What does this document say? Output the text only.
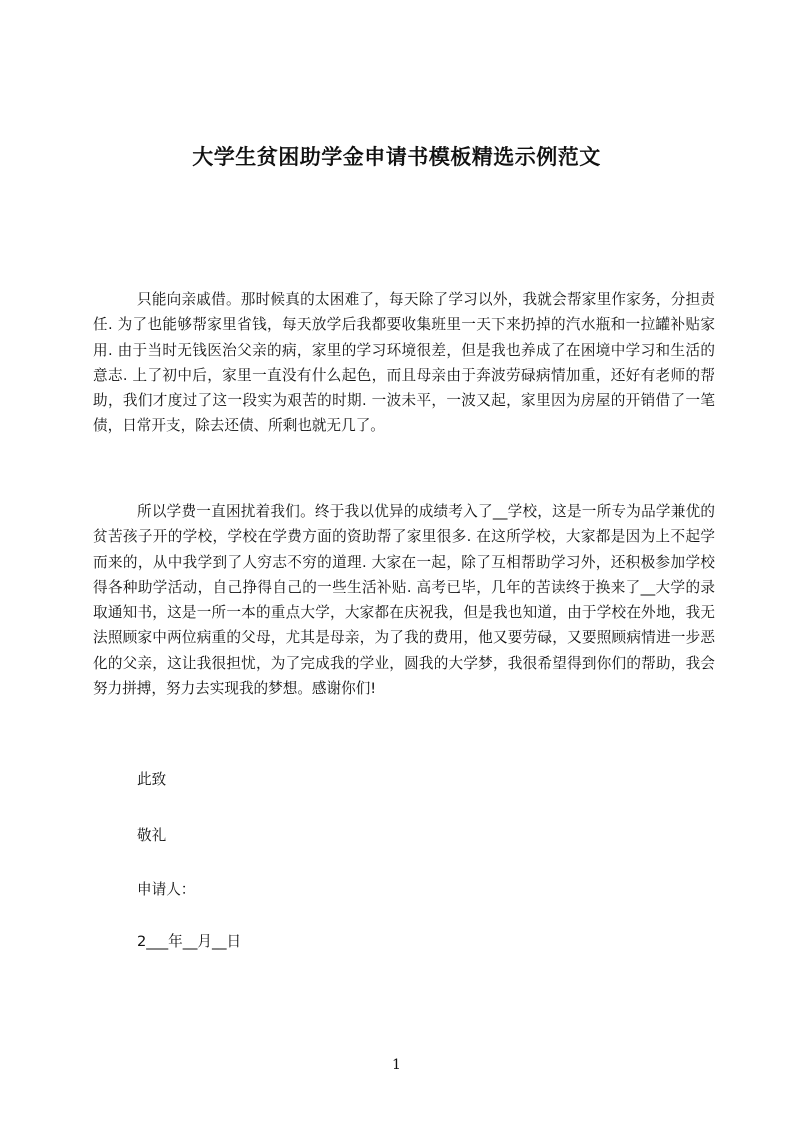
大学生贫困助学金申请书模板精选示例范文

只能向亲戚借。那时候真的太困难了，每天除了学习以外，我就会帮家里作家务，分担责任. 为了也能够帮家里省钱，每天放学后我都要收集班里一天下来扔掉的汽水瓶和一拉罐补贴家用. 由于当时无钱医治父亲的病，家里的学习环境很差，但是我也养成了在困境中学习和生活的意志. 上了初中后，家里一直没有什么起色，而且母亲由于奔波劳碌病情加重，还好有老师的帮助，我们才度过了这一段实为艰苦的时期. 一波未平，一波又起，家里因为房屋的开销借了一笔债，日常开支，除去还债、所剩也就无几了。

所以学费一直困扰着我们。终于我以优异的成绩考入了__学校，这是一所专为品学兼优的贫苦孩子开的学校，学校在学费方面的资助帮了家里很多. 在这所学校，大家都是因为上不起学而来的，从中我学到了人穷志不穷的道理. 大家在一起，除了互相帮助学习外，还积极参加学校得各种助学活动，自己挣得自己的一些生活补贴. 高考已毕，几年的苦读终于换来了__大学的录取通知书，这是一所一本的重点大学，大家都在庆祝我，但是我也知道，由于学校在外地，我无法照顾家中两位病重的父母，尤其是母亲，为了我的费用，他又要劳碌，又要照顾病情进一步恶化的父亲，这让我很担忧，为了完成我的学业，圆我的大学梦，我很希望得到你们的帮助，我会努力拼搏，努力去实现我的梦想。感谢你们!

此致

敬礼

申请人：

2___年__月__日

1
